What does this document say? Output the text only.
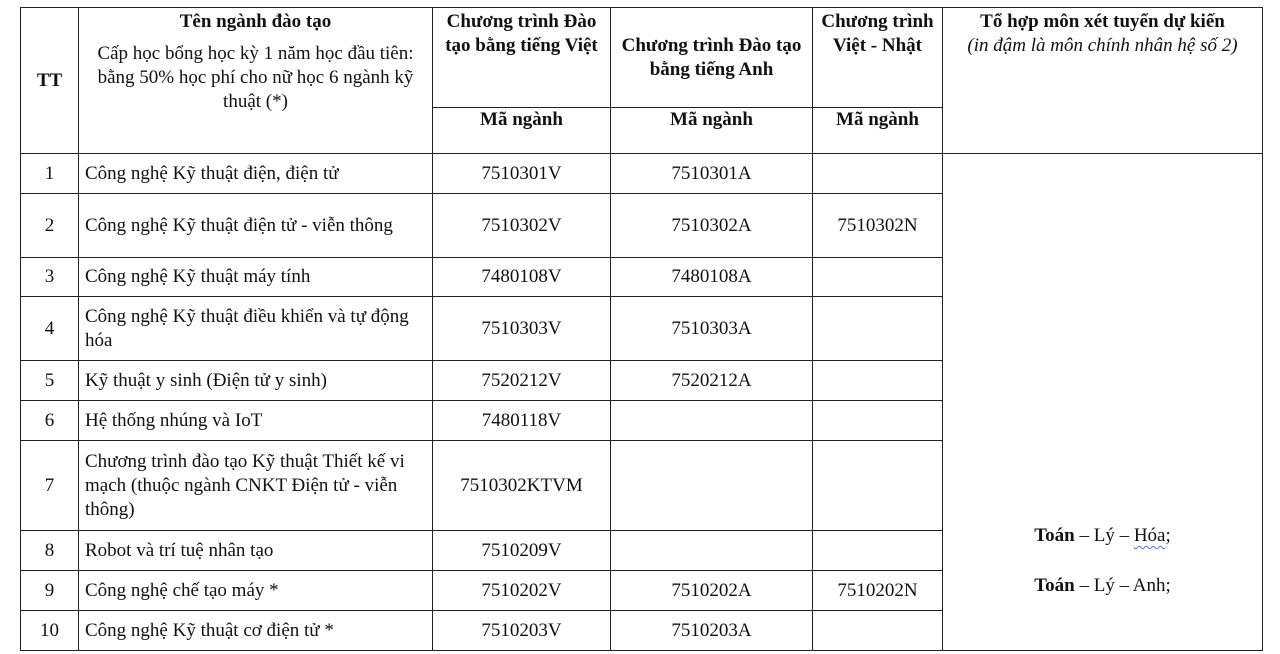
TT	Tên ngành đào tạo
Cấp học bổng học kỳ 1 năm học đầu tiên: bằng 50% học phí cho nữ học 6 ngành kỹ thuật (*)	Chương trình Đào tạo bằng tiếng Việt	Chương trình Đào tạo bằng tiếng Anh	Chương trình Việt - Nhật	Tổ hợp môn xét tuyển dự kiến
(in đậm là môn chính nhân hệ số 2)

		Mã ngành	Mã ngành	Mã ngành	
1	Công nghệ Kỹ thuật điện, điện tử	7510301V	7510301A		Toán – Lý – Hóa;
Toán – Lý – Anh;

2	Công nghệ Kỹ thuật điện tử - viễn thông	7510302V	7510302A	7510302N	
3	Công nghệ Kỹ thuật máy tính	7480108V	7480108A		
4	Công nghệ Kỹ thuật điều khiển và tự động hóa	7510303V	7510303A		
5	Kỹ thuật y sinh (Điện tử y sinh)	7520212V	7520212A		
6	Hệ thống nhúng và IoT	7480118V			
7	Chương trình đào tạo Kỹ thuật Thiết kế vi mạch (thuộc ngành CNKT Điện tử - viễn thông)	7510302KTVM			
8	Robot và trí tuệ nhân tạo	7510209V			
9	Công nghệ chế tạo máy *	7510202V	7510202A	7510202N	
10	Công nghệ Kỹ thuật cơ điện tử *	7510203V	7510203A		
